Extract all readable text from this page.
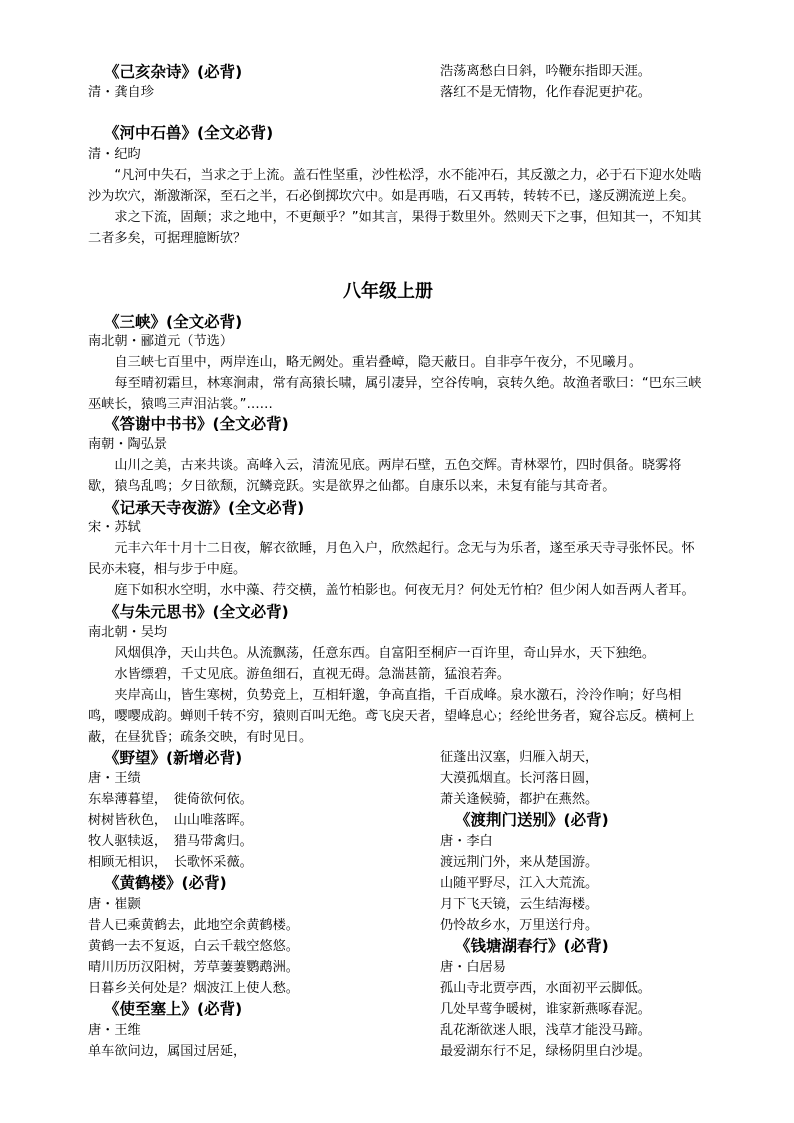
《己亥杂诗》(必背)
清・龚自珍
浩荡离愁白日斜，吟鞭东指即天涯。
落红不是无情物，化作春泥更护花。
《河中石兽》(全文必背)
清・纪昀
“凡河中失石，当求之于上流。盖石性坚重，沙性松浮，水不能冲石，其反激之力，必于石下迎水处啮沙为坎穴，渐激渐深，至石之半，石必倒掷坎穴中。如是再啮，石又再转，转转不已，遂反溯流逆上矣。
求之下流，固颠；求之地中，不更颠乎？”如其言，果得于数里外。然则天下之事，但知其一，不知其二者多矣，可据理臆断欤？
八年级上册
《三峡》(全文必背)
南北朝・郦道元（节选）
自三峡七百里中，两岸连山，略无阙处。重岩叠嶂，隐天蔽日。自非亭午夜分，不见曦月。
每至晴初霜旦，林寒涧肃，常有高猿长啸，属引凄异，空谷传响，哀转久绝。故渔者歌曰：“巴东三峡巫峡长，猿鸣三声泪沾裳。”……
《答谢中书书》(全文必背)
南朝・陶弘景
山川之美，古来共谈。高峰入云，清流见底。两岸石壁，五色交辉。青林翠竹，四时俱备。晓雾将歇，猿鸟乱鸣；夕日欲颓，沉鳞竞跃。实是欲界之仙都。自康乐以来，未复有能与其奇者。
《记承天寺夜游》(全文必背)
宋・苏轼
元丰六年十月十二日夜，解衣欲睡，月色入户，欣然起行。念无与为乐者，遂至承天寺寻张怀民。怀民亦未寝，相与步于中庭。
庭下如积水空明，水中藻、荇交横，盖竹柏影也。何夜无月？何处无竹柏？但少闲人如吾两人者耳。
《与朱元思书》(全文必背)
南北朝・吴均
风烟俱净，天山共色。从流飘荡，任意东西。自富阳至桐庐一百许里，奇山异水，天下独绝。
水皆缥碧，千丈见底。游鱼细石，直视无碍。急湍甚箭，猛浪若奔。
夹岸高山，皆生寒树，负势竞上，互相轩邈，争高直指，千百成峰。泉水激石，泠泠作响；好鸟相鸣，嘤嘤成韵。蝉则千转不穷，猿则百叫无绝。鸢飞戾天者，望峰息心；经纶世务者，窥谷忘反。横柯上蔽，在昼犹昏；疏条交映，有时见日。
《野望》(新增必背)
唐・王绩
东皋薄暮望，　徙倚欲何依。
树树皆秋色，　山山唯落晖。
牧人驱犊返，　猎马带禽归。
相顾无相识，　长歌怀采薇。
《黄鹤楼》(必背)
唐・崔颢
昔人已乘黄鹤去，此地空余黄鹤楼。
黄鹤一去不复返，白云千载空悠悠。
晴川历历汉阳树，芳草萋萋鹦鹉洲。
日暮乡关何处是？烟波江上使人愁。
《使至塞上》(必背)
唐・王维
单车欲问边，属国过居延，
征蓬出汉塞，归雁入胡天，
大漠孤烟直。长河落日圆，
萧关逢候骑，都护在燕然。
《渡荆门送别》(必背)
唐・李白
渡远荆门外，来从楚国游。
山随平野尽，江入大荒流。
月下飞天镜，云生结海楼。
仍怜故乡水，万里送行舟。
《钱塘湖春行》(必背)
唐・白居易
孤山寺北贾亭西，水面初平云脚低。
几处早莺争暖树，谁家新燕啄春泥。
乱花渐欲迷人眼，浅草才能没马蹄。
最爱湖东行不足，绿杨阴里白沙堤。
